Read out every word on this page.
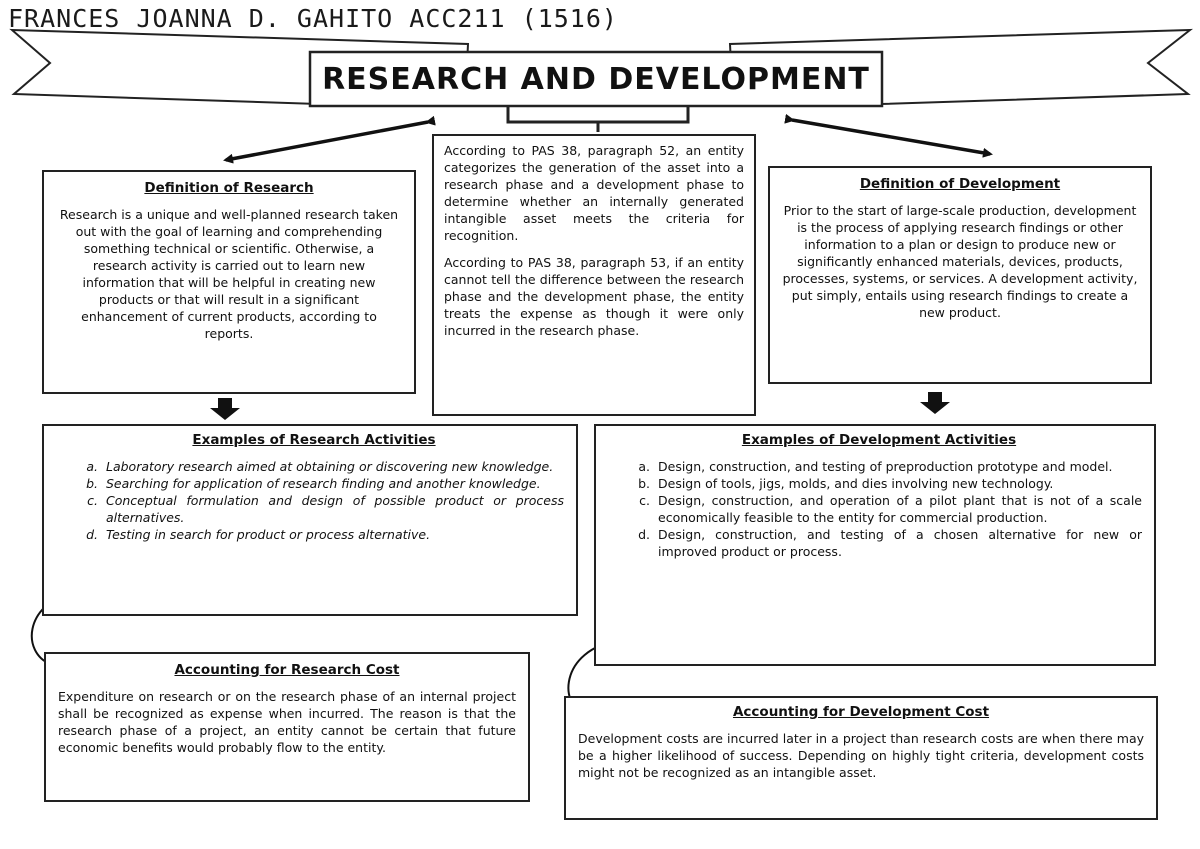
FRANCES JOANNA D. GAHITO ACC211 (1516)
RESEARCH AND DEVELOPMENT

According to PAS 38, paragraph 52, an entity categorizes the generation of the asset into a research phase and a development phase to determine whether an internally generated intangible asset meets the criteria for recognition.

According to PAS 38, paragraph 53, if an entity cannot tell the difference between the research phase and the development phase, the entity treats the expense as though it were only incurred in the research phase.

Definition of Research

Research is a unique and well-planned research taken out with the goal of learning and comprehending something technical or scientific. Otherwise, a research activity is carried out to learn new information that will be helpful in creating new products or that will result in a significant enhancement of current products, according to reports.

Definition of Development

Prior to the start of large-scale production, development is the process of applying research findings or other information to a plan or design to produce new or significantly enhanced materials, devices, products, processes, systems, or services. A development activity, put simply, entails using research findings to create a new product.

Examples of Research Activities
a. Laboratory research aimed at obtaining or discovering new knowledge.
b. Searching for application of research finding and another knowledge.
c. Conceptual formulation and design of possible product or process alternatives.
d. Testing in search for product or process alternative.
Examples of Development Activities
a. Design, construction, and testing of preproduction prototype and model.
b. Design of tools, jigs, molds, and dies involving new technology.
c. Design, construction, and operation of a pilot plant that is not of a scale economically feasible to the entity for commercial production.
d. Design, construction, and testing of a chosen alternative for new or improved product or process.
Accounting for Research Cost

Expenditure on research or on the research phase of an internal project shall be recognized as expense when incurred. The reason is that the research phase of a project, an entity cannot be certain that future economic benefits would probably flow to the entity.

Accounting for Development Cost

Development costs are incurred later in a project than research costs are when there may be a higher likelihood of success. Depending on highly tight criteria, development costs might not be recognized as an intangible asset.
